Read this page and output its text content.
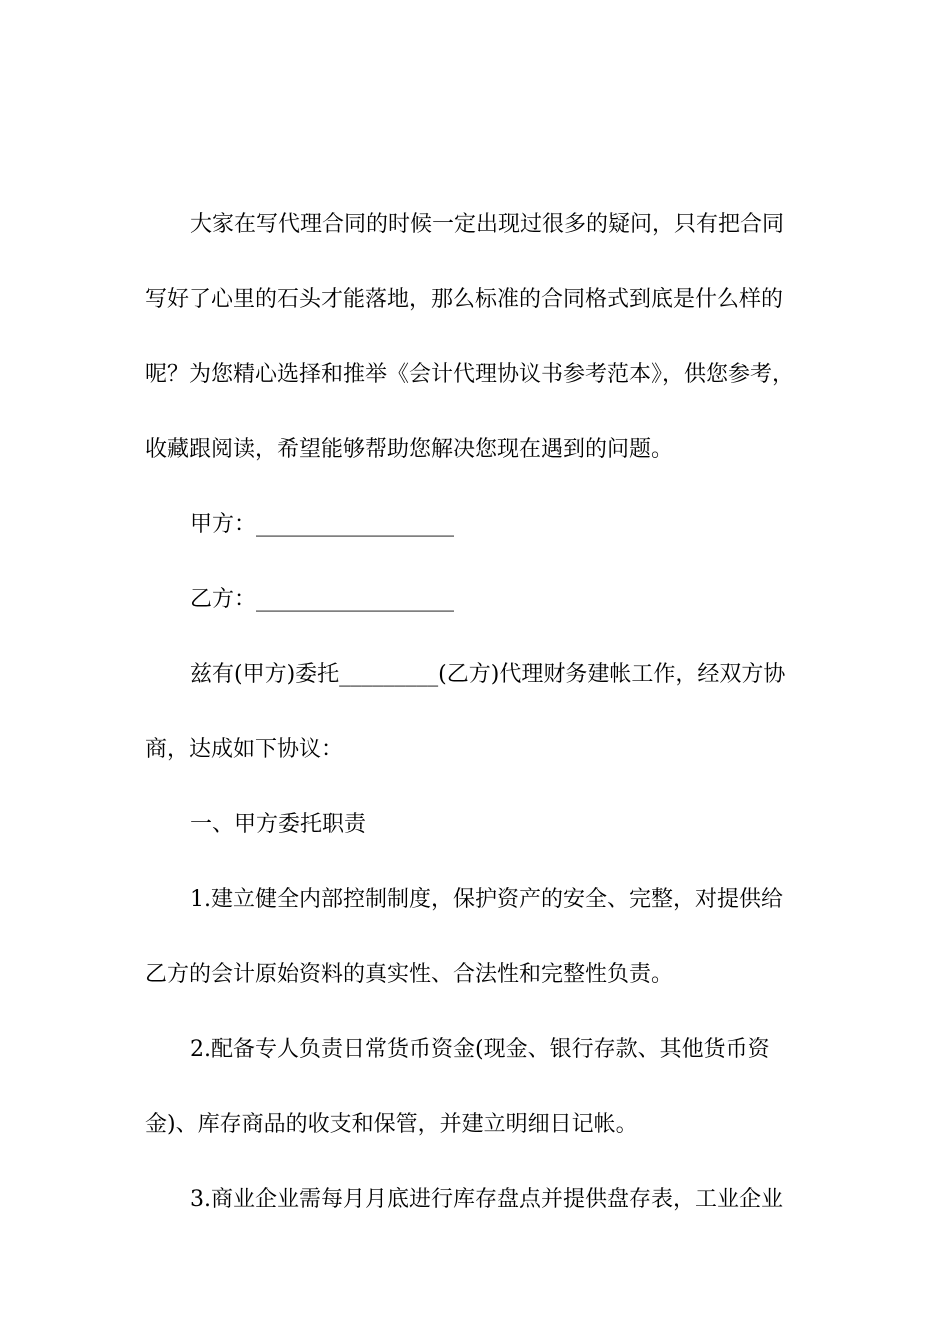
大家在写代理合同的时候一定出现过很多的疑问，只有把合同
写好了心里的石头才能落地，那么标准的合同格式到底是什么样的
呢？为您精心选择和推举《会计代理协议书参考范本》，供您参考，
收藏跟阅读，希望能够帮助您解决您现在遇到的问题。
甲方：__________________
乙方：__________________
兹有(甲方)委托_________(乙方)代理财务建帐工作，经双方协
商，达成如下协议：
一、甲方委托职责
1.建立健全内部控制制度，保护资产的安全、完整，对提供给
乙方的会计原始资料的真实性、合法性和完整性负责。
2.配备专人负责日常货币资金(现金、银行存款、其他货币资
金)、库存商品的收支和保管，并建立明细日记帐。
3.商业企业需每月月底进行库存盘点并提供盘存表，工业企业
